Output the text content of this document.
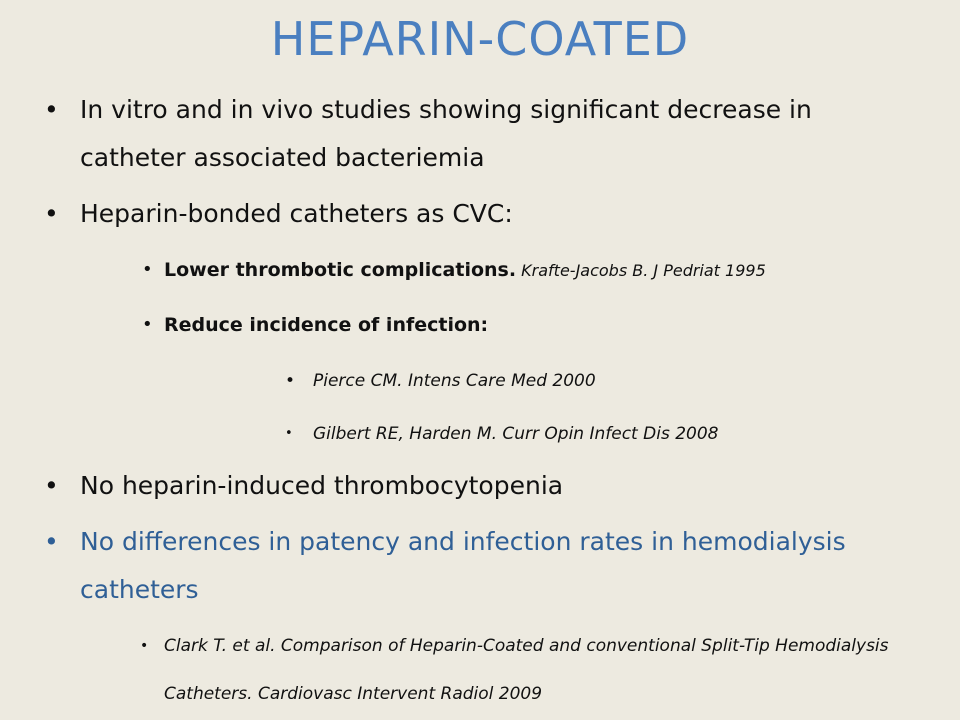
HEPARIN-COATED
• In vitro and in vivo studies showing significant decrease in
catheter associated bacteriemia
• Heparin-bonded catheters as CVC:
• Lower thrombotic complications. Krafte-Jacobs B. J Pedriat 1995
• Reduce incidence of infection:
• Pierce CM. Intens Care Med 2000
• Gilbert RE, Harden M. Curr Opin Infect Dis 2008
• No heparin-induced thrombocytopenia
• No differences in patency and infection rates in hemodialysis
catheters
• Clark T. et al. Comparison of Heparin-Coated and conventional Split-Tip Hemodialysis
Catheters. Cardiovasc Intervent Radiol 2009
